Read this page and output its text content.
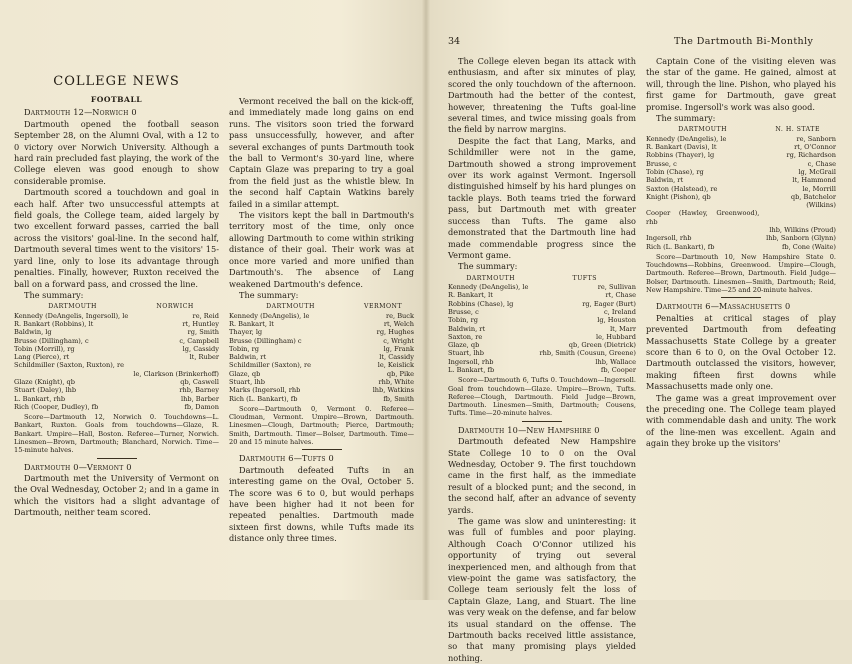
COLLEGE NEWS
FOOTBALL

Dartmouth 12—Norwich 0

Dartmouth opened the football season September 28, on the Alumni Oval, with a 12 to 0 victory over Norwich University. Although a hard rain precluded fast playing, the work of the College eleven was good enough to show considerable promise.

Dartmouth scored a touchdown and goal in each half. After two unsuccessful attempts at field goals, the College team, aided largely by two excellent forward passes, carried the ball across the visitors' goal-line. In the second half, Dartmouth several times went to the visitors' 15-yard line, only to lose its advantage through penalties. Finally, however, Ruxton received the ball on a forward pass, and crossed the line.

The summary:

DARTMOUTH	NORWICH
Kennedy (DeAngelis, Ingersoll), le	re, Reid
R. Bankart (Robbins), lt	rt, Huntley
Baldwin, lg	rg, Smith
Brusse (Dillingham), c	c, Campbell
Tobin (Morrill), rg	lg, Cassidy
Lang (Pierce), rt	lt, Ruber
Schildmiller (Saxton, Ruxton), re	
	le, Clarkson (Brinkerhoff)
Glaze (Knight), qb	qb, Caswell
Stuart (Daley), lhb	rhb, Barney
L. Bankart, rhb	lhb, Barber
Rich (Cooper, Dudley), fb	fb, Damon

Score—Dartmouth 12, Norwich 0. Touchdowns—L. Bankart, Ruxton. Goals from touchdowns—Glaze, R. Bankart. Umpire—Hall, Boston. Referee—Turner, Norwich. Linesmen—Brown, Dartmouth; Blanchard, Norwich. Time—15-minute halves.

Dartmouth 0—Vermont 0

Dartmouth met the University of Vermont on the Oval Wednesday, October 2; and in a game in which the visitors had a slight advantage of Dartmouth, neither team scored.

Vermont received the ball on the kick-off, and immediately made long gains on end runs. The visitors soon tried the forward pass unsuccessfully, however, and after several exchanges of punts Dartmouth took the ball to Vermont's 30-yard line, where Captain Glaze was preparing to try a goal from the field just as the whistle blew. In the second half Captain Watkins barely failed in a similar attempt.

The visitors kept the ball in Dartmouth's territory most of the time, only once allowing Dartmouth to come within striking distance of their goal. Their work was at once more varied and more unified than Dartmouth's. The absence of Lang weakened Dartmouth's defence.

The summary:

DARTMOUTH	VERMONT
Kennedy (DeAngelis), le	re, Buck
R. Bankart, lt	rt, Welch
Thayer, lg	rg, Hughes
Brusse (Dillingham) c	c, Wright
Tobin, rg	lg, Frank
Baldwin, rt	lt, Cassidy
Schildmiller (Saxton), re	le, Keislick
Glaze, qb	qb, Pike
Stuart, lhb	rhb, White
Marks (Ingersoll, rhb	lhb, Watkins
Rich (L. Bankart), fb	fb, Smith

Score—Dartmouth 0, Vermont 0. Referee—Cloudman, Vermont. Umpire—Brown, Dartmouth. Linesmen—Clough, Dartmouth; Pierce, Dartmouth; Smith, Dartmouth. Timer—Bolser, Dartmouth. Time—20 and 15 minute halves.

Dartmouth 6—Tufts 0

Dartmouth defeated Tufts in an interesting game on the Oval, October 5. The score was 6 to 0, but would perhaps have been higher had it not been for repeated penalties. Dartmouth made sixteen first downs, while Tufts made its distance only three times.

34	The Dartmouth Bi-Monthly

The College eleven began its attack with enthusiasm, and after six minutes of play, scored the only touchdown of the afternoon. Dartmouth had the better of the contest, however, threatening the Tufts goal-line several times, and twice missing goals from the field by narrow margins.

Despite the fact that Lang, Marks, and Schildmiller were not in the game, Dartmouth showed a strong improvement over its work against Vermont. Ingersoll distinguished himself by his hard plunges on tackle plays. Both teams tried the forward pass, but Dartmouth met with greater success than Tufts. The game also demonstrated that the Dartmouth line had made commendable progress since the Vermont game.

The summary:

DARTMOUTH	TUFTS
Kennedy (DeAngelis), le	re, Sullivan
R. Bankart, lt	rt, Chase
Robbins (Chase), lg	rg, Eager (Burt)
Brusse, c	c, Ireland
Tobin, rg	lg, Houston
Baldwin, rt	lt, Marr
Saxton, re	le, Hubbard
Glaze, qb	qb, Green (Dietrick)
Stuart, lhb	rhb, Smith (Cousun, Greene)
Ingersoll, rhb	lhb, Wallace
L. Bankart, fb	fb, Cooper

Score—Dartmouth 6, Tufts 0. Touchdown—Ingersoll. Goal from touchdown—Glaze. Umpire—Brown, Tufts. Referee—Clough, Dartmouth. Field Judge—Brown, Dartmouth. Linesmen—Smith, Dartmouth; Cousens, Tufts. Time—20-minute halves.

Dartmouth 10—New Hampshire 0

Dartmouth defeated New Hampshire State College 10 to 0 on the Oval Wednesday, October 9. The first touchdown came in the first half, as the immediate result of a blocked punt; and the second, in the second half, after an advance of seventy yards.

The game was slow and uninteresting: it was full of fumbles and poor playing. Although Coach O'Connor utilized his opportunity of trying out several inexperienced men, and although from that view-point the game was satisfactory, the College team seriously felt the loss of Captain Glaze, Lang, and Stuart. The line was very weak on the defense, and far below its usual standard on the offense. The Dartmouth backs received little assistance, so that many promising plays yielded nothing.

Captain Cone of the visiting eleven was the star of the game. He gained, almost at will, through the line. Pishon, who played his first game for Dartmouth, gave great promise. Ingersoll's work was also good.

The summary:

DARTMOUTH	N. H. STATE
Kennedy (DeAngelis), le	re, Sanborn
R. Bankart (Davis), lt	rt, O'Connor
Robbins (Thayer), lg	rg, Richardson
Brusse, c	c, Chase
Tobin (Chase), rg	lg, McGrail
Baldwin, rt	lt, Hammond
Saxton (Halstead), re	le, Morrill
Knight (Pishon), qb	qb, Batchelor (Wilkins)
Cooper (Hawley, Greenwood), rhb	
	lhb, Wilkins (Proud)
Ingersoll, rhb	lhb, Sanborn (Glynn)
Rich (L. Bankart), fb	fb, Cone (Waite)

Score—Dartmouth 10, New Hampshire State 0. Touchdowns—Robbins, Greenwood. Umpire—Clough, Dartmouth. Referee—Brown, Dartmouth. Field Judge—Bolser, Dartmouth. Linesmen—Smith, Dartmouth; Reid, New Hampshire. Time—25 and 20-minute halves.

Dartmouth 6—Massachusetts 0

Penalties at critical stages of play prevented Dartmouth from defeating Massachusetts State College by a greater score than 6 to 0, on the Oval October 12. Dartmouth outclassed the visitors, however, making fifteen first downs while Massachusetts made only one.

The game was a great improvement over the preceding one. The College team played with commendable dash and unity. The work of the line-men was excellent. Again and again they broke up the visitors'
